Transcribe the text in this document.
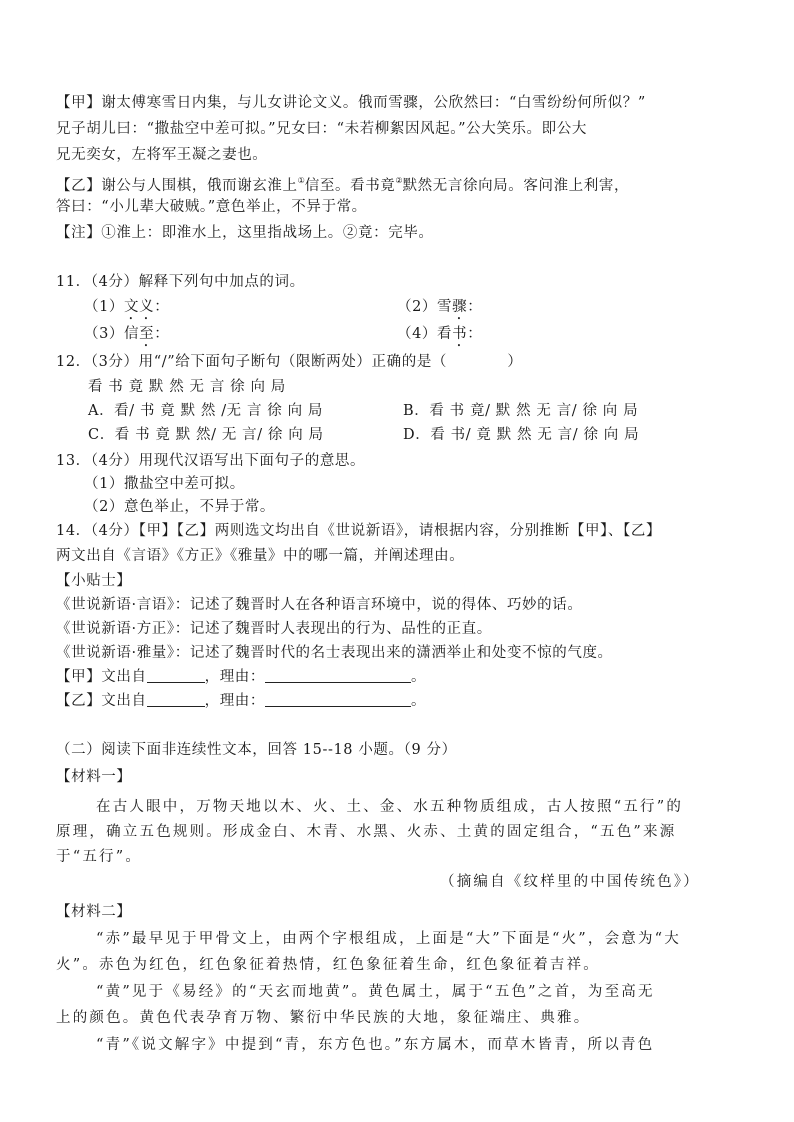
【甲】谢太傅寒雪日内集，与儿女讲论文义。俄而雪骤，公欣然曰：“白雪纷纷何所似？”
兄子胡儿曰：“撒盐空中差可拟。”兄女曰：“未若柳絮因风起。”公大笑乐。即公大
兄无奕女，左将军王凝之妻也。
【乙】谢公与人围棋，俄而谢玄淮上①信至。看书竟②默然无言徐向局。客问淮上利害，
答曰：“小儿辈大破贼。”意色举止，不异于常。
【注】①淮上：即淮水上，这里指战场上。②竟：完毕。
11．（4分）解释下列句中加点的词。
（1）文义：	（2）雪骤：
（3）信至：	（4）看书：
12．（3分）用“/”给下面句子断句（限断两处）正确的是（　　　　）
看 书 竟 默 然 无 言 徐 向 局
A．看/ 书 竟 默 然 /无 言 徐 向 局	B．看 书 竟/ 默 然 无 言/ 徐 向 局
C．看 书 竟 默 然/ 无 言/ 徐 向 局	D．看 书/ 竟 默 然 无 言/ 徐 向 局
13．（4分）用现代汉语写出下面句子的意思。
（1）撒盐空中差可拟。
（2）意色举止，不异于常。
14．（4分）【甲】【乙】两则选文均出自《世说新语》，请根据内容，分别推断【甲】、【乙】
两文出自《言语》《方正》《雅量》中的哪一篇，并阐述理由。
【小贴士】
《世说新语·言语》：记述了魏晋时人在各种语言环境中，说的得体、巧妙的话。
《世说新语·方正》：记述了魏晋时人表现出的行为、品性的正直。
《世说新语·雅量》：记述了魏晋时代的名士表现出来的潇洒举止和处变不惊的气度。
【甲】文出自	，理由：	。
【乙】文出自	，理由：	。
（二）阅读下面非连续性文本，回答 15--18 小题。（9 分）
【材料一】
在古人眼中，万物天地以木、火、土、金、水五种物质组成，古人按照“五行”的
原理，确立五色规则。形成金白、木青、水黑、火赤、土黄的固定组合，“五色”来源
于“五行”。
（摘编自《纹样里的中国传统色》）
【材料二】
“赤”最早见于甲骨文上，由两个字根组成，上面是“大”下面是“火”，会意为“大
火”。赤色为红色，红色象征着热情，红色象征着生命，红色象征着吉祥。
“黄”见于《易经》的“天玄而地黄”。黄色属土，属于“五色”之首，为至高无
上的颜色。黄色代表孕育万物、繁衍中华民族的大地，象征端庄、典雅。
“青”《说文解字》中提到“青，东方色也。”东方属木，而草木皆青，所以青色
